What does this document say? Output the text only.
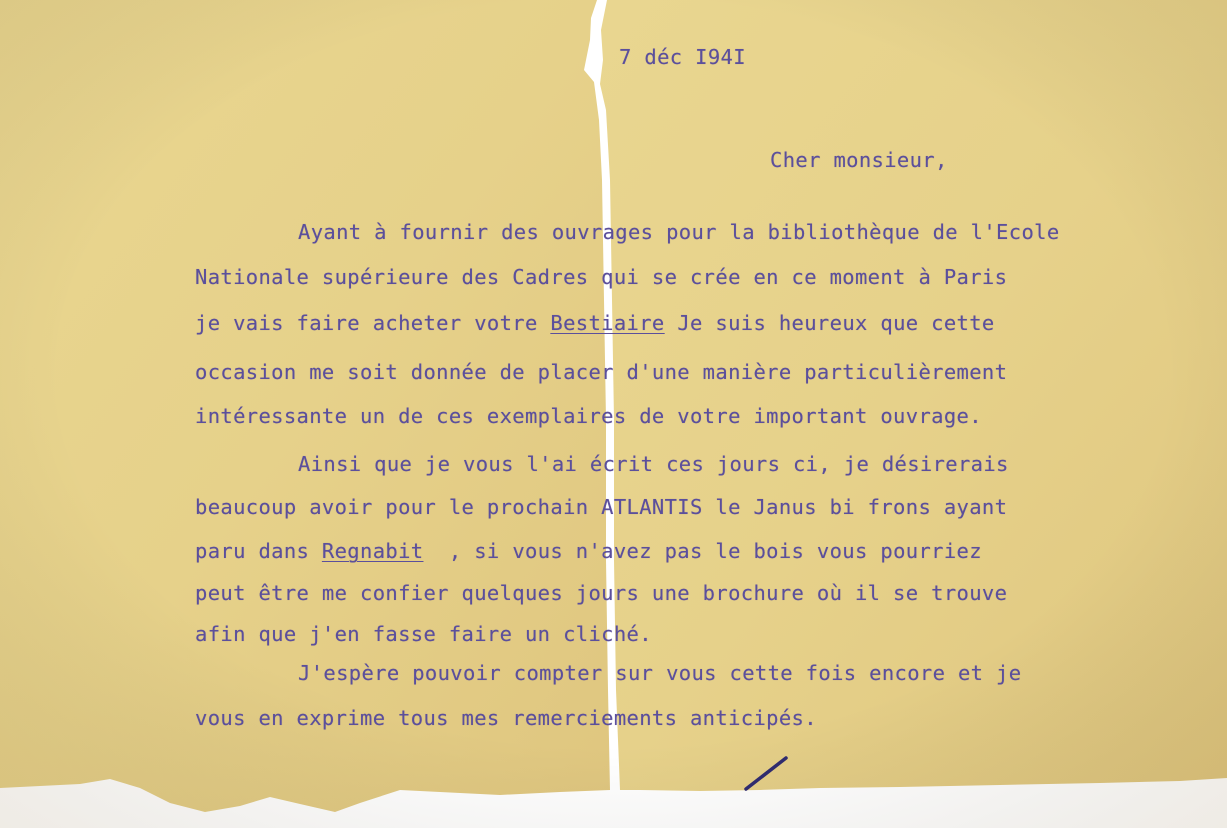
7 déc I94I

Cher monsieur,

Ayant à fournir des ouvrages pour la bibliothèque de l'Ecole

Nationale supérieure des Cadres qui se crée en ce moment à Paris

je vais faire acheter votre Bestiaire Je suis heureux que cette

occasion me soit donnée de placer d'une manière particulièrement

intéressante un de ces exemplaires de votre important ouvrage.

Ainsi que je vous l'ai écrit ces jours ci, je désirerais

beaucoup avoir pour le prochain ATLANTIS le Janus bi frons ayant

paru dans Regnabit  , si vous n'avez pas le bois vous pourriez

peut être me confier quelques jours une brochure où il se trouve

afin que j'en fasse faire un cliché.

J'espère pouvoir compter sur vous cette fois encore et je

vous en exprime tous mes remerciements anticipés.
